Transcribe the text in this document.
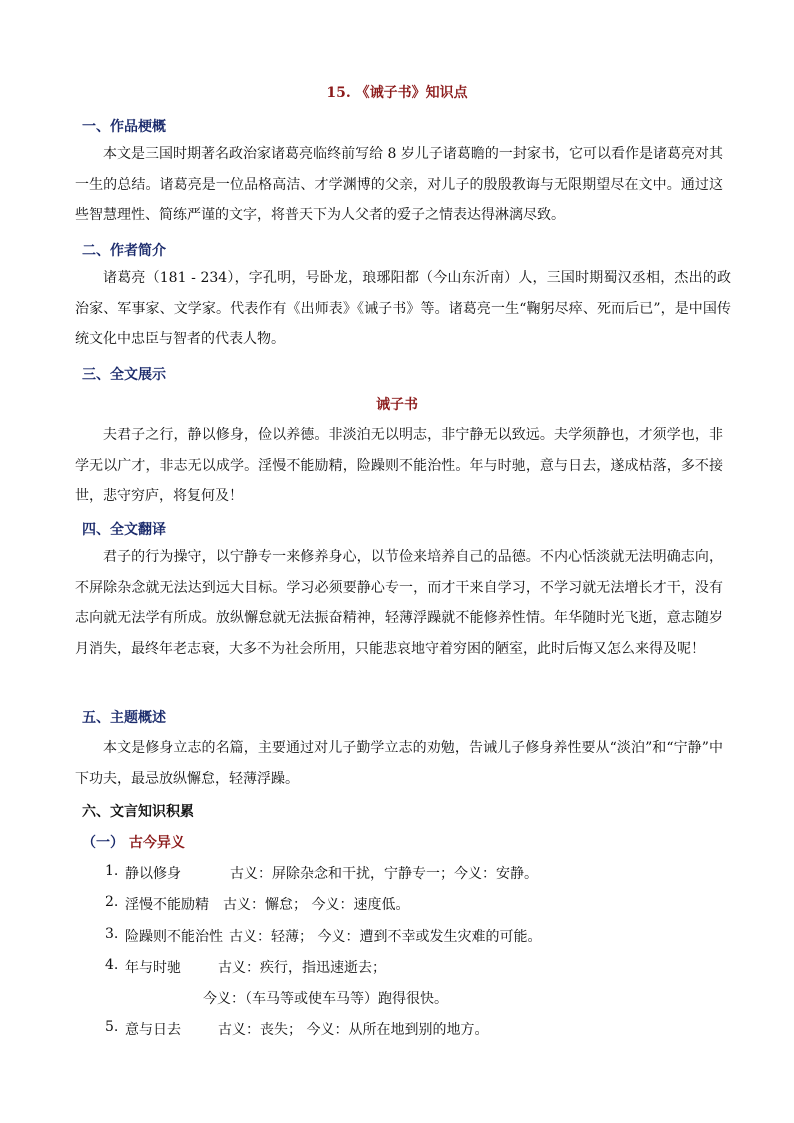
15. 《诫子书》知识点
一、作品梗概

本文是三国时期著名政治家诸葛亮临终前写给 8 岁儿子诸葛瞻的一封家书，它可以看作是诸葛亮对其一生的总结。诸葛亮是一位品格高洁、才学渊博的父亲，对儿子的殷殷教诲与无限期望尽在文中。通过这些智慧理性、简练严谨的文字，将普天下为人父者的爱子之情表达得淋漓尽致。

二、作者简介

诸葛亮（181 - 234），字孔明，号卧龙，琅琊阳都（今山东沂南）人，三国时期蜀汉丞相，杰出的政治家、军事家、文学家。代表作有《出师表》《诫子书》等。诸葛亮一生“鞠躬尽瘁、死而后已”，是中国传统文化中忠臣与智者的代表人物。

三、全文展示
诫子书

夫君子之行，静以修身，俭以养德。非淡泊无以明志，非宁静无以致远。夫学须静也，才须学也，非学无以广才，非志无以成学。淫慢不能励精，险躁则不能治性。年与时驰，意与日去，遂成枯落，多不接世，悲守穷庐，将复何及！

四、全文翻译

君子的行为操守，以宁静专一来修养身心，以节俭来培养自己的品德。不内心恬淡就无法明确志向，不屏除杂念就无法达到远大目标。学习必须要静心专一，而才干来自学习，不学习就无法增长才干，没有志向就无法学有所成。放纵懈怠就无法振奋精神，轻薄浮躁就不能修养性情。年华随时光飞逝，意志随岁月消失，最终年老志衰，大多不为社会所用，只能悲哀地守着穷困的陋室，此时后悔又怎么来得及呢！

五、主题概述

本文是修身立志的名篇，主要通过对儿子勤学立志的劝勉，告诫儿子修身养性要从“淡泊”和“宁静”中下功夫，最忌放纵懈怠，轻薄浮躁。

六、文言知识积累
（一） 古今异义
1. 静以修身	古义：屏除杂念和干扰，宁静专一；今义：安静。
2. 淫慢不能励精 古义：懈怠； 今义：速度低。
3. 险躁则不能治性 古义：轻薄； 今义：遭到不幸或发生灾难的可能。
4. 年与时驰	古义：疾行，指迅速逝去；
今义：（车马等或使车马等）跑得很快。
5. 意与日去	古义：丧失； 今义：从所在地到别的地方。
